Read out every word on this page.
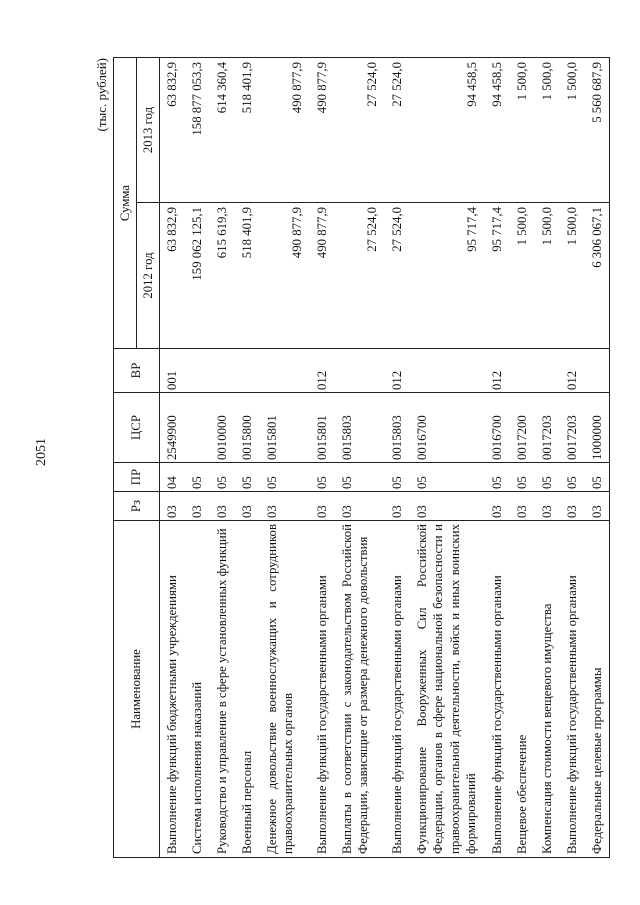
2051
(тыс. рублей)
Наименование	Рз	ПР	ЦСР	ВР	Сумма	
					2012 год	2013 год
Выполнение функций бюджетными учреждениями	03	04	2549900	001	63 832,9	63 832,9
Система исполнения наказаний	03	05			159 062 125,1	158 877 053,3
Руководство и управление в сфере установленных функций	03	05	0010000		615 619,3	614 360,4
Военный персонал	03	05	0015800		518 401,9	518 401,9
Денежное довольствие военнослужащих и сотрудников правоохранительных органов	03	05	0015801		490 877,9	490 877,9
Выполнение функций государственными органами	03	05	0015801	012	490 877,9	490 877,9
Выплаты в соответствии с законодательством Российской Федерации, зависящие от размера денежного довольствия	03	05	0015803		27 524,0	27 524,0
Выполнение функций государственными органами	03	05	0015803	012	27 524,0	27 524,0
Функционирование Вооруженных Сил Российской Федерации, органов в сфере национальной безопасности и правоохранительной деятельности, войск и иных воинских формирований	03	05	0016700		95 717,4	94 458,5
Выполнение функций государственными органами	03	05	0016700	012	95 717,4	94 458,5
Вещевое обеспечение	03	05	0017200		1 500,0	1 500,0
Компенсация стоимости вещевого имущества	03	05	0017203		1 500,0	1 500,0
Выполнение функций государственными органами	03	05	0017203	012	1 500,0	1 500,0
Федеральные целевые программы	03	05	1000000		6 306 067,1	5 560 687,9
